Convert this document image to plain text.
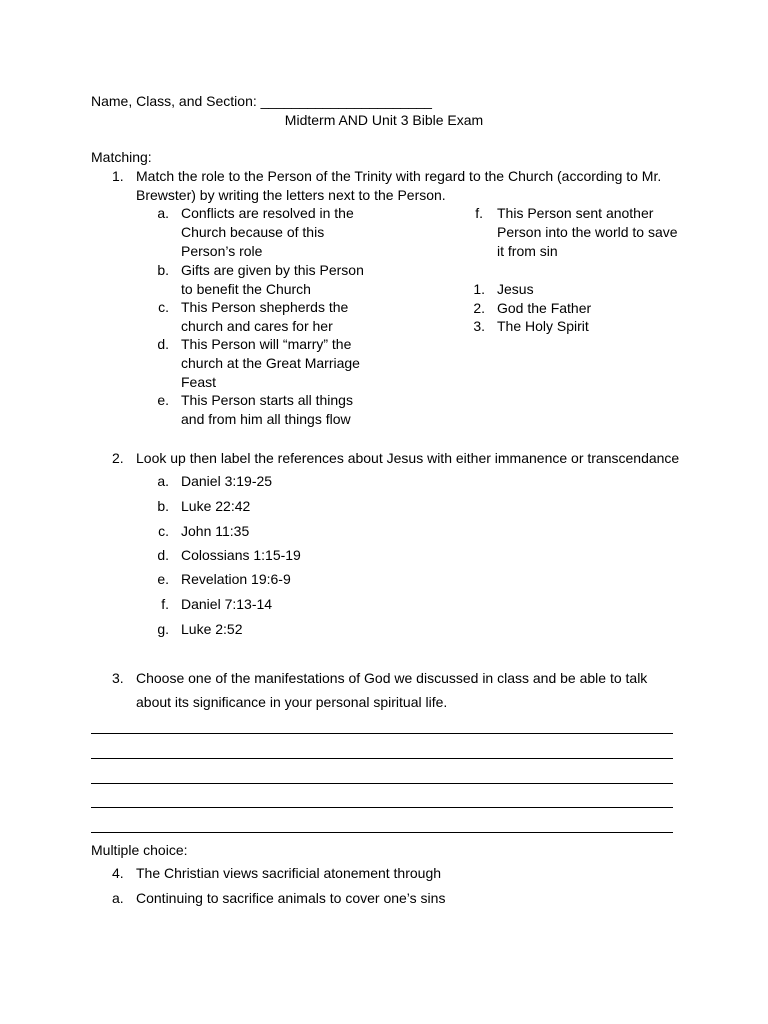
Name, Class, and Section: ______________________
Midterm AND Unit 3 Bible Exam
Matching:
1. Match the role to the Person of the Trinity with regard to the Church (according to Mr. Brewster) by writing the letters next to the Person.
a. Conflicts are resolved in the Church because of this Person’s role
b. Gifts are given by this Person to benefit the Church
c. This Person shepherds the church and cares for her
d. This Person will “marry” the church at the Great Marriage Feast
e. This Person starts all things and from him all things flow
f. This Person sent another Person into the world to save it from sin
1. Jesus
2. God the Father
3. The Holy Spirit
2. Look up then label the references about Jesus with either immanence or transcendance
a. Daniel 3:19-25
b. Luke 22:42
c. John 11:35
d. Colossians 1:15-19
e. Revelation 19:6-9
f. Daniel 7:13-14
g. Luke 2:52
3. Choose one of the manifestations of God we discussed in class and be able to talk
about its significance in your personal spiritual life.
Multiple choice:
4. The Christian views sacrificial atonement through
a. Continuing to sacrifice animals to cover one’s sins
